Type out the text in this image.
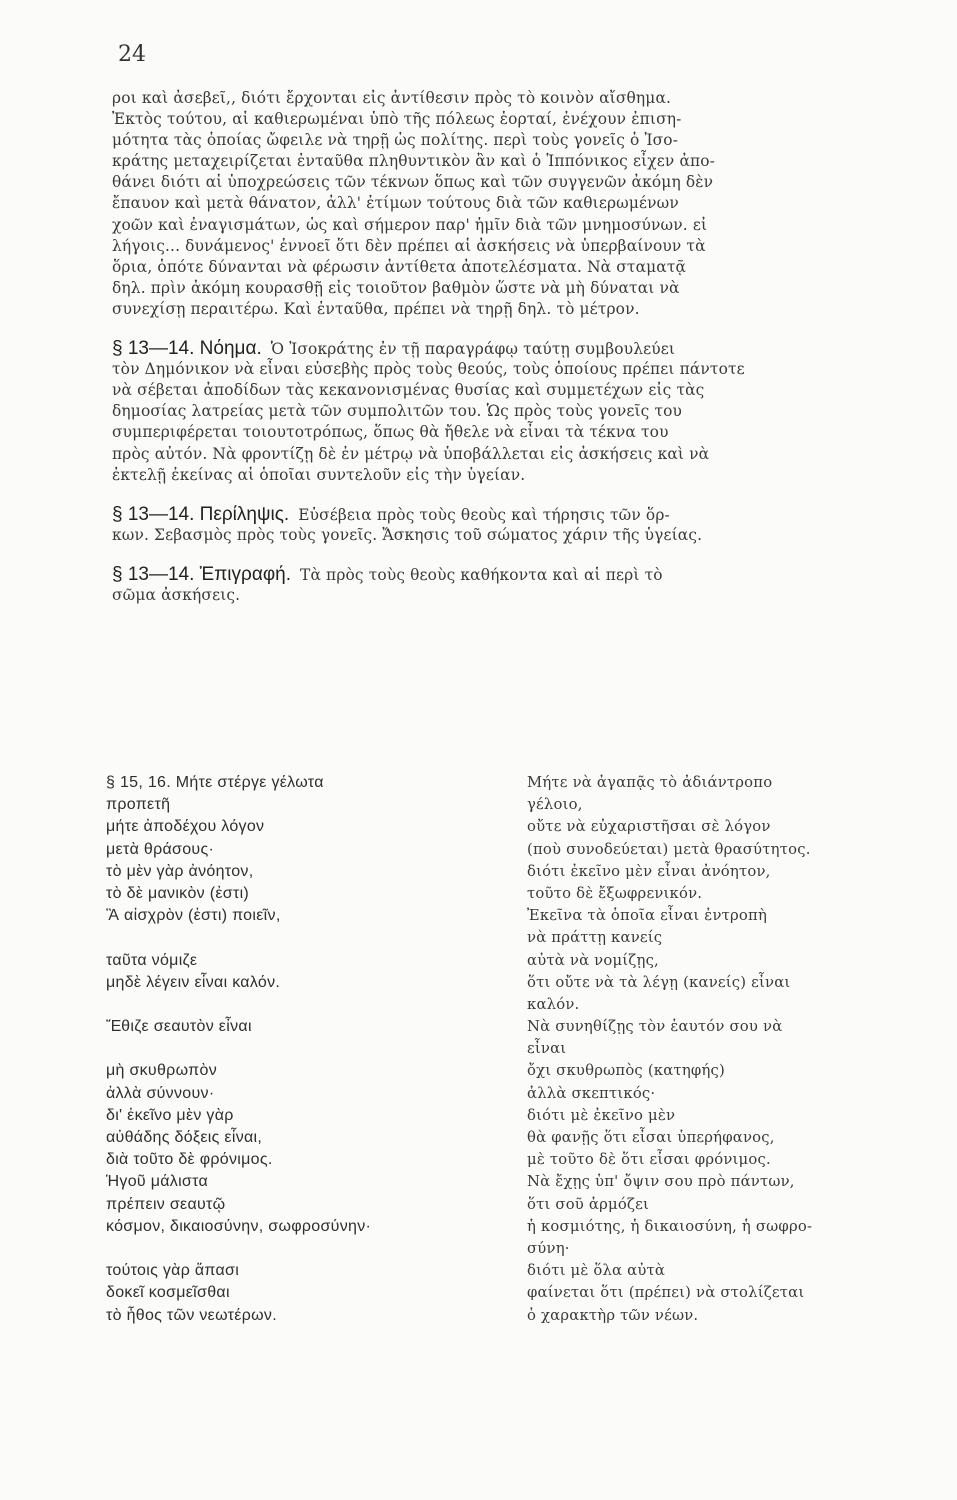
24
ροι καὶ ἀσεβεῖ,, διότι ἔρχονται εἰς ἀντίθεσιν πρὸς τὸ κοινὸν αἴσθημα.
Ἐκτὸς τούτου, αἱ καθιερωμέναι ὑπὸ τῆς πόλεως ἑορταί, ἐνέχουν ἐπιση-
μότητα τὰς ὁποίας ὤφειλε νὰ τηρῇ ὡς πολίτης. περὶ τοὺς γονεῖς ὁ Ἰσο-
κράτης μεταχειρίζεται ἐνταῦθα πληθυντικὸν ἂν καὶ ὁ Ἱππόνικος εἶχεν ἀπο-
θάνει διότι αἱ ὑποχρεώσεις τῶν τέκνων ὅπως καὶ τῶν συγγενῶν ἀκόμη δὲν
ἔπαυον καὶ μετὰ θάνατον, ἀλλ' ἐτίμων τούτους διὰ τῶν καθιερωμένων
χοῶν καὶ ἐναγισμάτων, ὡς καὶ σήμερον παρ' ἡμῖν διὰ τῶν μνημοσύνων. εἰ
λήγοις... δυνάμενος' ἐννοεῖ ὅτι δὲν πρέπει αἱ ἀσκήσεις νὰ ὑπερβαίνουν τὰ
ὅρια, ὁπότε δύνανται νὰ φέρωσιν ἀντίθετα ἀποτελέσματα. Νὰ σταματᾷ
δηλ. πρὶν ἀκόμη κουρασθῇ εἰς τοιοῦτον βαθμὸν ὥστε νὰ μὴ δύναται νὰ
συνεχίσῃ περαιτέρω. Καὶ ἐνταῦθα, πρέπει νὰ τηρῇ δηλ. τὸ μέτρον.
§ 13—14. Νόημα. Ὁ Ἰσοκράτης ἐν τῇ παραγράφῳ ταύτῃ συμβουλεύει
τὸν Δημόνικον νὰ εἶναι εὐσεβὴς πρὸς τοὺς θεούς, τοὺς ὁποίους πρέπει πάντοτε
νὰ σέβεται ἀποδίδων τὰς κεκανονισμένας θυσίας καὶ συμμετέχων εἰς τὰς
δημοσίας λατρείας μετὰ τῶν συμπολιτῶν του. Ὡς πρὸς τοὺς γονεῖς του
συμπεριφέρεται τοιουτοτρόπως, ὅπως θὰ ἤθελε νὰ εἶναι τὰ τέκνα του
πρὸς αὐτόν. Νὰ φροντίζῃ δὲ ἐν μέτρῳ νὰ ὑποβάλλεται εἰς ἀσκήσεις καὶ νὰ
ἐκτελῇ ἐκείνας αἱ ὁποῖαι συντελοῦν εἰς τὴν ὑγείαν.
§ 13—14. Περίληψις. Εὐσέβεια πρὸς τοὺς θεοὺς καὶ τήρησις τῶν ὅρ-
κων. Σεβασμὸς πρὸς τοὺς γονεῖς. Ἄσκησις τοῦ σώματος χάριν τῆς ὑγείας.
§ 13—14. Ἐπιγραφή. Τὰ πρὸς τοὺς θεοὺς καθήκοντα καὶ αἱ περὶ τὸ
σῶμα ἀσκήσεις.
§ 15, 16. Μήτε στέργε γέλωτα	Μήτε νὰ ἀγαπᾷς τὸ ἀδιάντροπο
προπετῆ	γέλοιο,
μήτε ἀποδέχου λόγον	οὔτε νὰ εὐχαριστῆσαι σὲ λόγον
μετὰ θράσους·	(ποὺ συνοδεύεται) μετὰ θρασύτητος.
τὸ μὲν γὰρ ἀνόητον,	διότι ἐκεῖνο μὲν εἶναι ἀνόητον,
τὸ δὲ μανικὸν (ἐστι)	τοῦτο δὲ ἔξωφρενικόν.
Ἃ αἰσχρὸν (ἐστι) ποιεῖν,	Ἐκεῖνα τὰ ὁποῖα εἶναι ἐντροπὴ
νὰ πράττῃ κανείς
ταῦτα νόμιζε	αὐτὰ νὰ νομίζῃς,
μηδὲ λέγειν εἶναι καλόν.	ὅτι οὔτε νὰ τὰ λέγῃ (κανείς) εἶναι
καλόν.
Ἔθιζε σεαυτὸν εἶναι	Νὰ συνηθίζῃς τὸν ἑαυτόν σου νὰ
εἶναι
μὴ σκυθρωπὸν	ὄχι σκυθρωπὸς (κατηφής)
ἀλλὰ σύννουν·	ἀλλὰ σκεπτικός·
δι' ἐκεῖνο μὲν γὰρ	διότι μὲ ἐκεῖνο μὲν
αὐθάδης δόξεις εἶναι,	θὰ φανῇς ὅτι εἶσαι ὑπερήφανος,
διὰ τοῦτο δὲ φρόνιμος.	μὲ τοῦτο δὲ ὅτι εἶσαι φρόνιμος.
Ἡγοῦ μάλιστα	Νὰ ἔχῃς ὑπ' ὄψιν σου πρὸ πάντων,
πρέπειν σεαυτῷ	ὅτι σοῦ ἁρμόζει
κόσμον, δικαιοσύνην, σωφροσύνην·	ἡ κοσμιότης, ἡ δικαιοσύνη, ἡ σωφρο-
σύνη·
τούτοις γὰρ ἅπασι	διότι μὲ ὅλα αὐτὰ
δοκεῖ κοσμεῖσθαι	φαίνεται ὅτι (πρέπει) νὰ στολίζεται
τὸ ἦθος τῶν νεωτέρων.	ὁ χαρακτὴρ τῶν νέων.
